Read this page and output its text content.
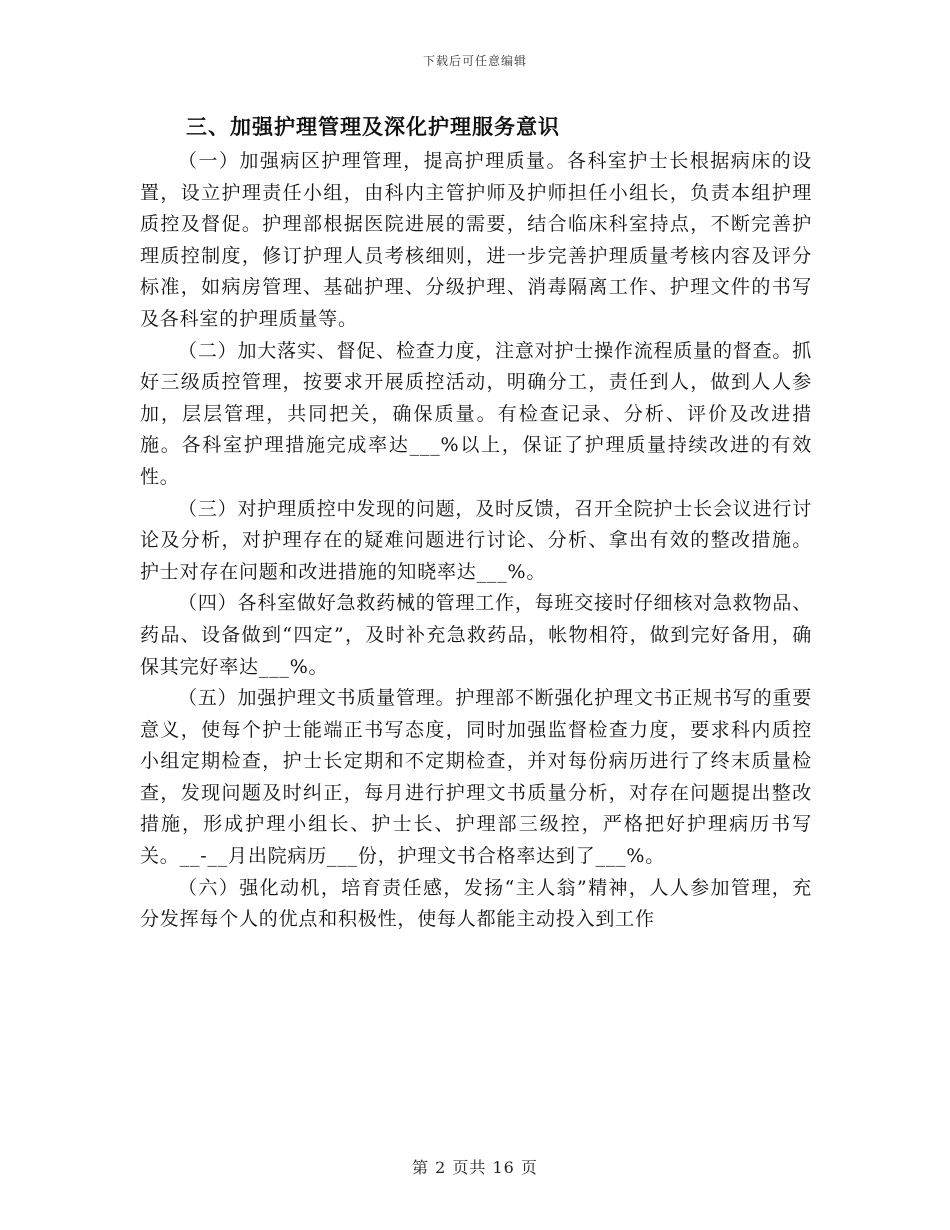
下载后可任意编辑
三、加强护理管理及深化护理服务意识

（一）加强病区护理管理，提高护理质量。各科室护士长根据病床的设置，设立护理责任小组，由科内主管护师及护师担任小组长，负责本组护理质控及督促。护理部根据医院进展的需要，结合临床科室持点，不断完善护理质控制度，修订护理人员考核细则，进一步完善护理质量考核内容及评分标准，如病房管理、基础护理、分级护理、消毒隔离工作、护理文件的书写及各科室的护理质量等。

（二）加大落实、督促、检查力度，注意对护士操作流程质量的督查。抓好三级质控管理，按要求开展质控活动，明确分工，责任到人，做到人人参加，层层管理，共同把关，确保质量。有检查记录、分析、评价及改进措施。各科室护理措施完成率达___%以上，保证了护理质量持续改进的有效性。

（三）对护理质控中发现的问题，及时反馈，召开全院护士长会议进行讨论及分析，对护理存在的疑难问题进行讨论、分析、拿出有效的整改措施。护士对存在问题和改进措施的知晓率达___%。

（四）各科室做好急救药械的管理工作，每班交接时仔细核对急救物品、药品、设备做到“四定”，及时补充急救药品，帐物相符，做到完好备用，确保其完好率达___%。

（五）加强护理文书质量管理。护理部不断强化护理文书正规书写的重要意义，使每个护士能端正书写态度，同时加强监督检查力度，要求科内质控小组定期检查，护士长定期和不定期检查，并对每份病历进行了终末质量检查，发现问题及时纠正，每月进行护理文书质量分析，对存在问题提出整改措施，形成护理小组长、护士长、护理部三级控，严格把好护理病历书写关。__-__月出院病历___份，护理文书合格率达到了___%。

（六）强化动机，培育责任感，发扬“主人翁”精神，人人参加管理，充分发挥每个人的优点和积极性，使每人都能主动投入到工作

第 2 页共 16 页
